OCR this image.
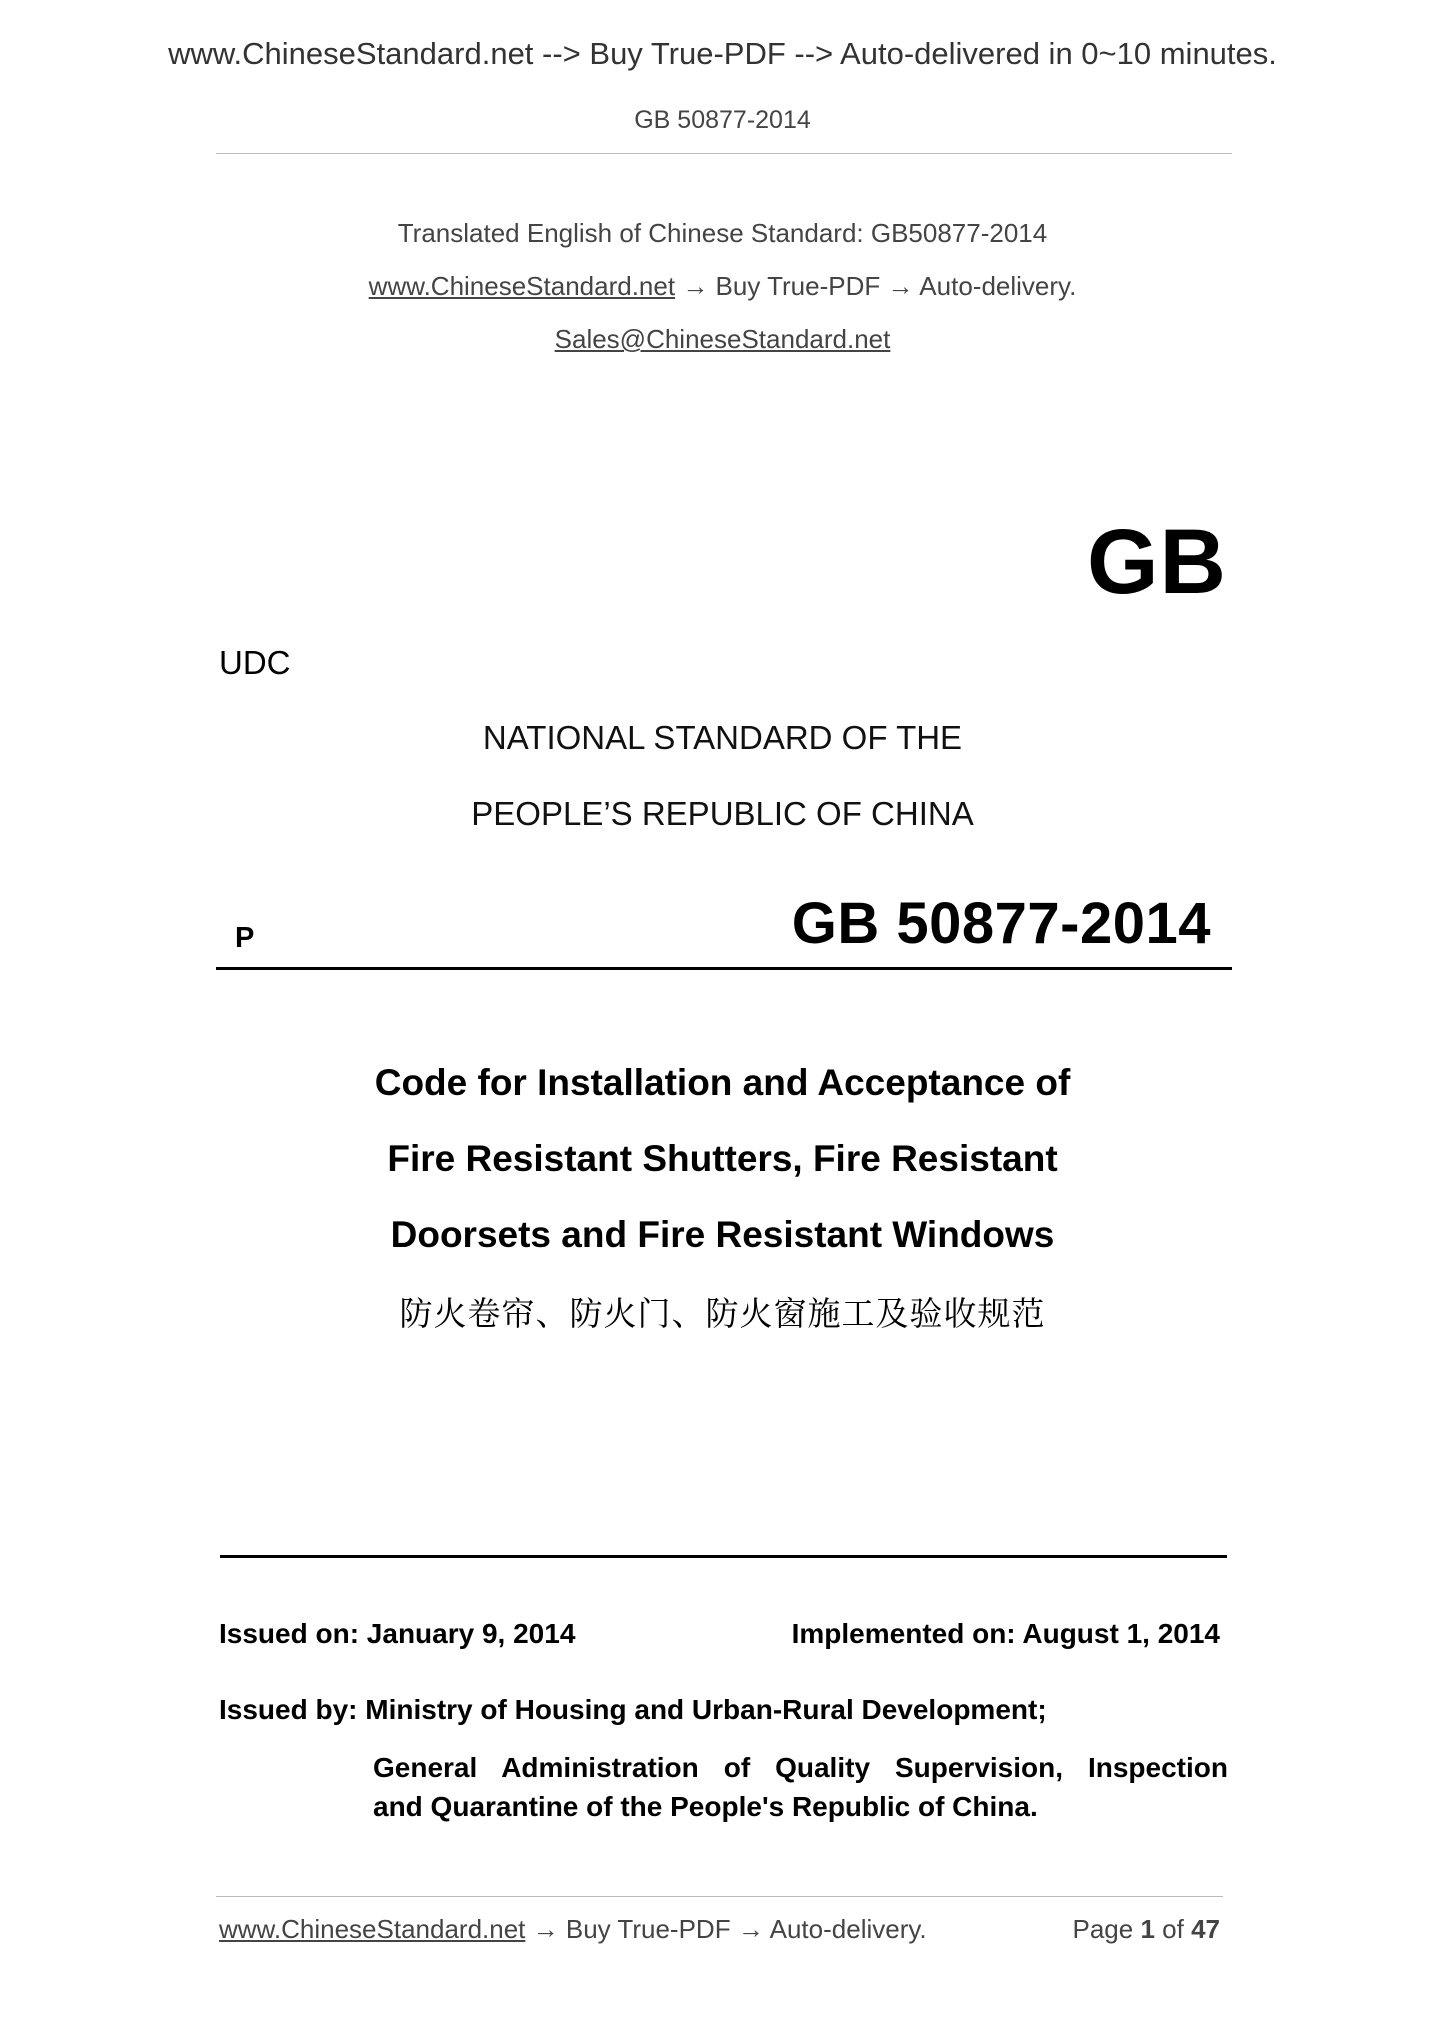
www.ChineseStandard.net --> Buy True-PDF --> Auto-delivered in 0~10 minutes.
GB 50877-2014
Translated English of Chinese Standard: GB50877-2014
www.ChineseStandard.net → Buy True-PDF → Auto-delivery.
Sales@ChineseStandard.net
GB
UDC
NATIONAL STANDARD OF THE
PEOPLE’S REPUBLIC OF CHINA
P	GB 50877-2014
Code for Installation and Acceptance of
Fire Resistant Shutters, Fire Resistant
Doorsets and Fire Resistant Windows
防火卷帘、防火门、防火窗施工及验收规范
Issued on: January 9, 2014	Implemented on: August 1, 2014
Issued by: Ministry of Housing and Urban-Rural Development;
General Administration of Quality Supervision, Inspection
and Quarantine of the People's Republic of China.
www.ChineseStandard.net → Buy True-PDF → Auto-delivery.	Page 1 of 47
